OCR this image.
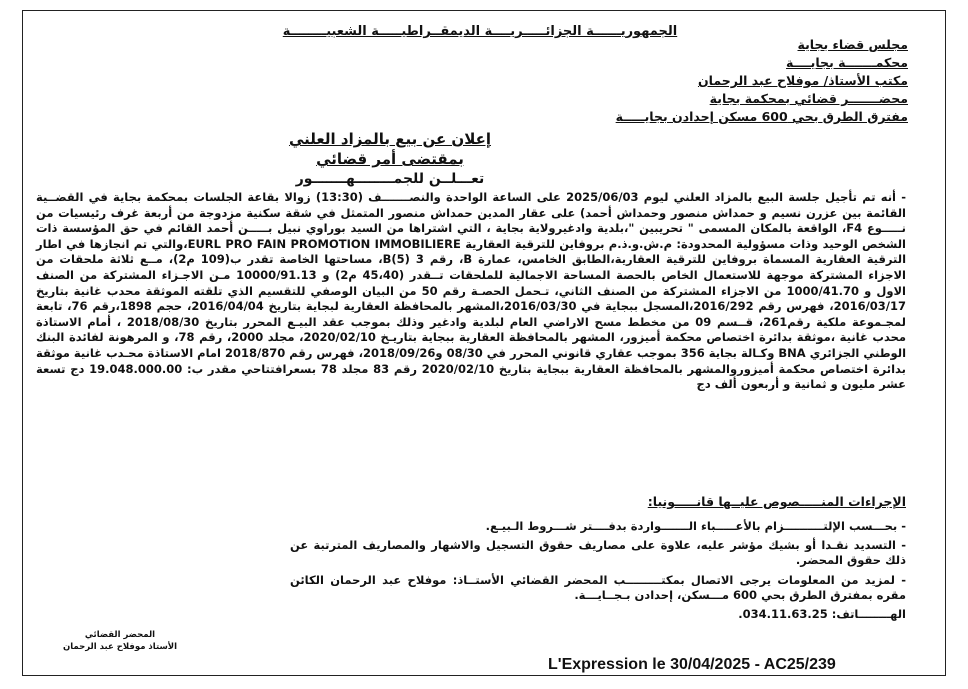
الجمهوريــــــة الجزائـــــريــــة الديمقــراطيـــــة الشعبيــــــــة
مجلس قضاء بجاية
محكمـــــــة بجايــــة
مكتب الأستاذ/ موفلاح عبد الرحمان
محضـــــــر قضائي بمحكمة بجاية
مفترق الطرق بحي 600 مسكن إحدادن بجايـــــة
إعلان عن بيع بالمزاد العلني
بمقتضى أمر قضائي
تعـــلــن للجمــــــــهـــــــور

- أنه تم تأجيل جلسة البيع بالمزاد العلني ليوم 2025/06/03 على الساعة الواحدة والنصـــــــف (13:30) زوالا بقاعة الجلسات بمحكمة بجاية في القضــية القائمة بين عزرن نسيم و حمداش منصور وحمداش أحمد) على عقار المدين حمداش منصور المتمثل في شقة سكنية مزدوجة من أربعة غرف رئيسيات من نـــــوع F4، الواقعة بالمكان المسمى " تحريبين "،بلدية وادغيرولاية بجاية ، التي اشتراها من السيد بوراوي نبيل بـــــن أحمد القائم في حق المؤسسة ذات الشخص الوحيد وذات مسؤولية المحدودة: م.ش.و.ذ.م بروفاين للترقية العقارية EURL PRO FAIN PROMOTION IMMOBILIERE،والتي تم انجازها في اطار الترقية العقارية المسماة بروفاين للترقية العقارية،الطابق الخامس، عمارة B، رقم 3 (B(5، مساحتها الخاصة تقدر ب(109 م2)، مــع ثلاثة ملحقات من الاجزاء المشتركة موجهة للاستعمال الخاص بالحصة المساحة الاجمالية للملحقات تــقدر (45،40 م2) و 10000/91.13 مـن الاجـزاء المشتركة من الصنف الاول و 1000/41.70 من الاجزاء المشتركة من الصنف الثاني، تـحمل الحصـة رقم 50 من البيان الوصفي للتقسيم الذي تلقته الموثقة محدب غانية بتاريخ 2016/03/17، فهرس رقم 2016/292،المسجل ببجاية في 2016/03/30،المشهر بالمحافظة العقارية لبجاية بتاريخ 2016/04/04، حجم 1898،رقم 76، تابعة لمجـموعة ملكية رقم261، قــسم 09 من مخطط مسح الاراضي العام لبلدية وادغير وذلك بموجب عقد البيـع المحرر بتاريخ 2018/08/30 ، أمام الاستاذة محدب غانية ،موثقة بدائرة اختصاص محكمة أميزور، المشهر بالمحافظة العقارية ببجاية بتاريـخ 2020/02/10، مجلد 2000، رقم 78، و المرهونة لفائدة البنك الوطني الجزائري BNA وكـالة بجاية 356 بموجب عقاري قانوني المحرر في 08/30 و2018/09/26، فهرس رقم 2018/870 امام الاستاذة محـدب غانية موثقة بدائرة اختصاص محكمة أميزوروالمشهر بالمحافظة العقارية ببجاية بتاريخ 2020/02/10 رقم 83 مجلد 78 بسعرافتتاحي مقدر ب: 19.048.000.00 دج تسعة عشر مليون و ثمانية و أربعون ألف دج

الإجراءات المنـــــصوص عليــها قانـــــونيا:

- بحـــسب الإلتــــــــــزام بالأعـــــباء الـــــــواردة بدفــــتر شـــروط الـبيـع.

- التسديد نقـدا أو بشيك مؤشر عليه، علاوة على مصاريف حقوق التسجيل والاشهار والمصاريف المترتبة عن ذلك حقوق المحضر.

- لمزيد من المعلومات يرجى الاتصال بمكتـــــــــب المحضر القضائي الأستــاذ: موفلاح عبد الرحمان الكائن مقره بمفترق الطرق بحي 600 مـــسكن، إحدادن بـجــايـــة.

الهــــــــاتف: 034.11.63.25.

المحضر القضائي
الأستاذ موفلاح عبد الرحمان
L'Expression le 30/04/2025 - AC25/239
